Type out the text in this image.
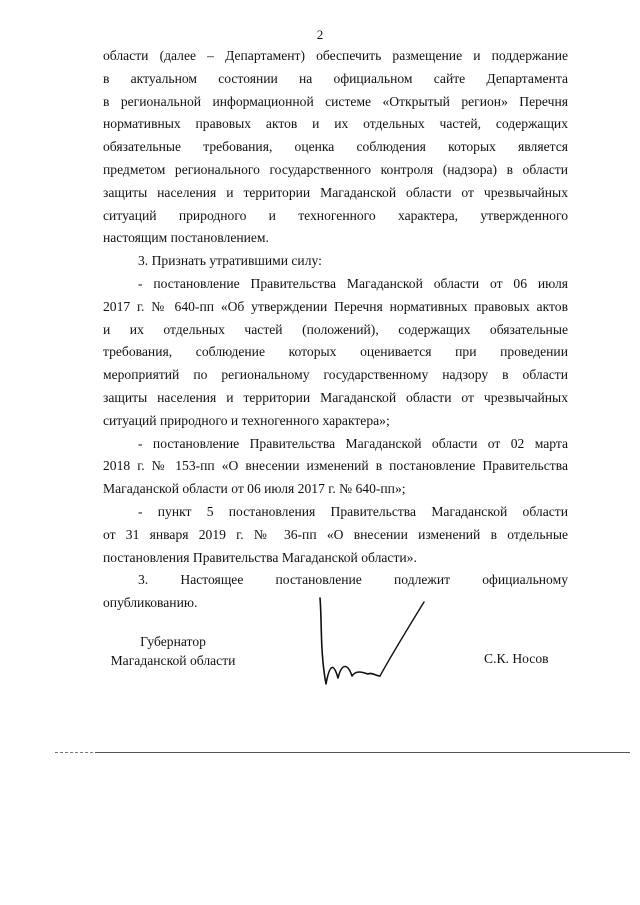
2
области (далее – Департамент) обеспечить размещение и поддержание
в актуальном состоянии на официальном сайте Департамента
в региональной информационной системе «Открытый регион» Перечня
нормативных правовых актов и их отдельных частей, содержащих
обязательные требования, оценка соблюдения которых является
предметом регионального государственного контроля (надзора) в области
защиты населения и территории Магаданской области от чрезвычайных
ситуаций природного и техногенного характера, утвержденного
настоящим постановлением.
3. Признать утратившими силу:
- постановление Правительства Магаданской области от 06 июля
2017 г. № 640-пп «Об утверждении Перечня нормативных правовых актов
и их отдельных частей (положений), содержащих обязательные
требования, соблюдение которых оценивается при проведении
мероприятий по региональному государственному надзору в области
защиты населения и территории Магаданской области от чрезвычайных
ситуаций природного и техногенного характера»;
- постановление Правительства Магаданской области от 02 марта
2018 г. № 153-пп «О внесении изменений в постановление Правительства
Магаданской области от 06 июля 2017 г. № 640-пп»;
- пункт 5 постановления Правительства Магаданской области
от 31 января 2019 г. № 36-пп «О внесении изменений в отдельные
постановления Правительства Магаданской области».
3. Настоящее постановление подлежит официальному
опубликованию.
Губернатор
Магаданской области	С.К. Носов
